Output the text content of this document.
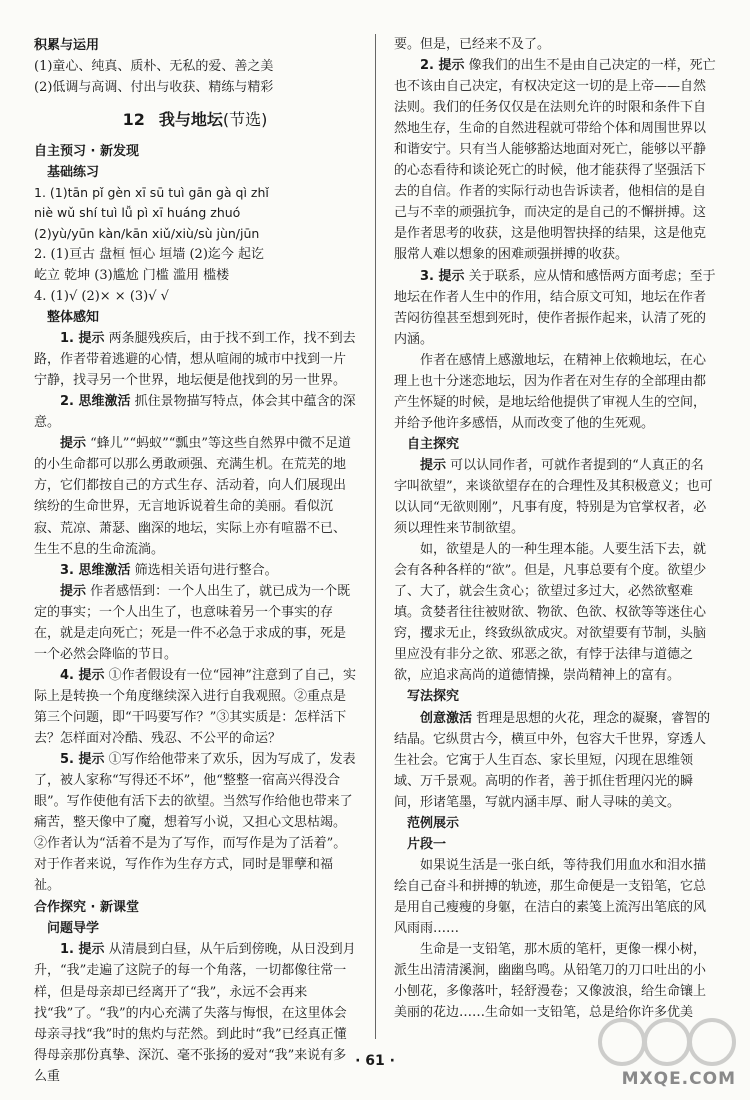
积累与运用

(1)童心、纯真、质朴、无私的爱、善之美

(2)低调与高调、付出与收获、精练与精彩

12 我与地坛(节选)

自主预习 · 新发现

基础练习

1. (1)tān pǐ gèn xī sū tuì gān gà qì zhǐ

niè wǔ shí tuì lǚ pì xī huáng zhuó

(2)yù/yūn kàn/kān xiǔ/xiù/sù jùn/jūn

2. (1)亘古 盘桓 恒心 垣墙 (2)迄今 起讫

屹立 乾坤 (3)尴尬 门槛 滥用 槛楼

4. (1)√ (2)× × (3)√ √

整体感知

1. 提示 两条腿残疾后，由于找不到工作，找不到去路，作者带着逃避的心情，想从喧闹的城市中找到一片宁静，找寻另一个世界，地坛便是他找到的另一世界。

2. 思维激活 抓住景物描写特点，体会其中蕴含的深意。

提示 “蜂儿”“蚂蚁”“瓢虫”等这些自然界中微不足道的小生命都可以那么勇敢顽强、充满生机。在荒芜的地方，它们都按自己的方式生存、活动着，向人们展现出缤纷的生命世界，无言地诉说着生命的美丽。看似沉寂、荒凉、萧瑟、幽深的地坛，实际上亦有喧嚣不已、生生不息的生命流淌。

3. 思维激活 筛选相关语句进行整合。

提示 作者感悟到：一个人出生了，就已成为一个既定的事实；一个人出生了，也意味着另一个事实的存在，就是走向死亡；死是一件不必急于求成的事，死是一个必然会降临的节日。

4. 提示 ①作者假设有一位“园神”注意到了自己，实际上是转换一个角度继续深入进行自我观照。②重点是第三个问题，即“干吗要写作？”③其实质是：怎样活下去？怎样面对冷酷、残忍、不公平的命运？

5. 提示 ①写作给他带来了欢乐，因为写成了，发表了，被人家称“写得还不坏”，他“整整一宿高兴得没合眼”。写作使他有活下去的欲望。当然写作给他也带来了痛苦，整天像中了魔，想着写小说，又担心文思枯竭。②作者认为“活着不是为了写作，而写作是为了活着”。对于作者来说，写作作为生存方式，同时是罪孽和福祉。

合作探究 · 新课堂

问题导学

1. 提示 从清晨到白昼，从午后到傍晚，从日没到月升，“我”走遍了这院子的每一个角落，一切都像往常一样，但是母亲却已经离开了“我”，永远不会再来找“我”了。“我”的内心充满了失落与悔恨，在这里体会母亲寻找“我”时的焦灼与茫然。到此时“我”已经真正懂得母亲那份真挚、深沉、毫不张扬的爱对“我”来说有多么重

要。但是，已经来不及了。

2. 提示 像我们的出生不是由自己决定的一样，死亡也不该由自己决定，有权决定这一切的是上帝——自然法则。我们的任务仅仅是在法则允许的时限和条件下自然地生存，生命的自然进程就可带给个体和周围世界以和谐安宁。只有当人能够豁达地面对死亡，能够以平静的心态看待和谈论死亡的时候，他才能获得了坚强活下去的自信。作者的实际行动也告诉读者，他相信的是自己与不幸的顽强抗争，而决定的是自己的不懈拼搏。这是作者思考的收获，这是他明智抉择的结果，这是他克服常人难以想象的困难顽强拼搏的收获。

3. 提示 关于联系，应从情和感悟两方面考虑；至于地坛在作者人生中的作用，结合原文可知，地坛在作者苦闷彷徨甚至想到死时，使作者振作起来，认清了死的内涵。

作者在感情上感激地坛，在精神上依赖地坛，在心理上也十分迷恋地坛，因为作者在对生存的全部理由都产生怀疑的时候，是地坛给他提供了审视人生的空间，并给予他许多感悟，从而改变了他的生死观。

自主探究

提示 可以认同作者，可就作者提到的“人真正的名字叫欲望”，来谈欲望存在的合理性及其积极意义；也可以认同“无欲则刚”，凡事有度，特别是为官掌权者，必须以理性来节制欲望。

如，欲望是人的一种生理本能。人要生活下去，就会有各种各样的“欲”。但是，凡事总要有个度。欲望少了、大了，就会生贪心；欲望过多过大，必然欲壑难填。贪婪者往往被财欲、物欲、色欲、权欲等等迷住心窍，攫求无止，终致纵欲成灾。对欲望要有节制，头脑里应没有非分之欲、邪恶之欲，有悖于法律与道德之欲，应追求高尚的道德情操，崇尚精神上的富有。

写法探究

创意激活 哲理是思想的火花，理念的凝聚，睿智的结晶。它纵贯古今，横亘中外，包容大千世界，穿透人生社会。它寓于人生百态、家长里短，闪现在思维领域、万千景观。高明的作者，善于抓住哲理闪光的瞬间，形诸笔墨，写就内涵丰厚、耐人寻味的美文。

范例展示

片段一

如果说生活是一张白纸，等待我们用血水和泪水描绘自己奋斗和拼搏的轨迹，那生命便是一支铅笔，它总是用自己瘦瘦的身躯，在洁白的素笺上流泻出笔底的风风雨雨……

生命是一支铅笔，那木质的笔杆，更像一棵小树，派生出清清溪涧，幽幽鸟鸣。从铅笔刀的刀口吐出的小小刨花，多像落叶，轻舒漫卷；又像波浪，给生命镶上美丽的花边……生命如一支铅笔，总是给你许多优美

· 61 ·
MXQE.COM
